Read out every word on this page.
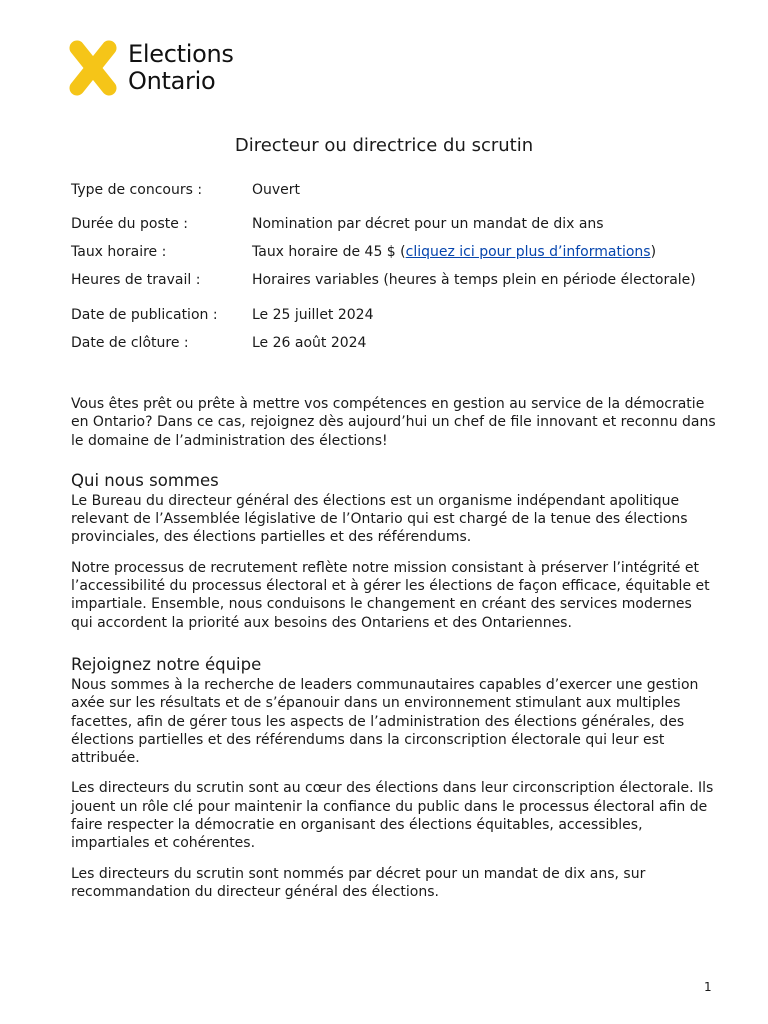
Elections
Ontario
Directeur ou directrice du scrutin
Type de concours :	Ouvert
Durée du poste :	Nomination par décret pour un mandat de dix ans
Taux horaire :	Taux horaire de 45 $ (cliquez ici pour plus d’informations)
Heures de travail :	Horaires variables (heures à temps plein en période électorale)
Date de publication :	Le 25 juillet 2024
Date de clôture :	Le 26 août 2024

Vous êtes prêt ou prête à mettre vos compétences en gestion au service de la démocratie en Ontario? Dans ce cas, rejoignez dès aujourd’hui un chef de file innovant et reconnu dans le domaine de l’administration des élections!

Qui nous sommes

Le Bureau du directeur général des élections est un organisme indépendant apolitique relevant de l’Assemblée législative de l’Ontario qui est chargé de la tenue des élections provinciales, des élections partielles et des référendums.

Notre processus de recrutement reflète notre mission consistant à préserver l’intégrité et l’accessibilité du processus électoral et à gérer les élections de façon efficace, équitable et impartiale. Ensemble, nous conduisons le changement en créant des services modernes qui accordent la priorité aux besoins des Ontariens et des Ontariennes.

Rejoignez notre équipe

Nous sommes à la recherche de leaders communautaires capables d’exercer une gestion axée sur les résultats et de s’épanouir dans un environnement stimulant aux multiples facettes, afin de gérer tous les aspects de l’administration des élections générales, des élections partielles et des référendums dans la circonscription électorale qui leur est attribuée.

Les directeurs du scrutin sont au cœur des élections dans leur circonscription électorale. Ils jouent un rôle clé pour maintenir la confiance du public dans le processus électoral afin de faire respecter la démocratie en organisant des élections équitables, accessibles, impartiales et cohérentes.

Les directeurs du scrutin sont nommés par décret pour un mandat de dix ans, sur recommandation du directeur général des élections.

1
